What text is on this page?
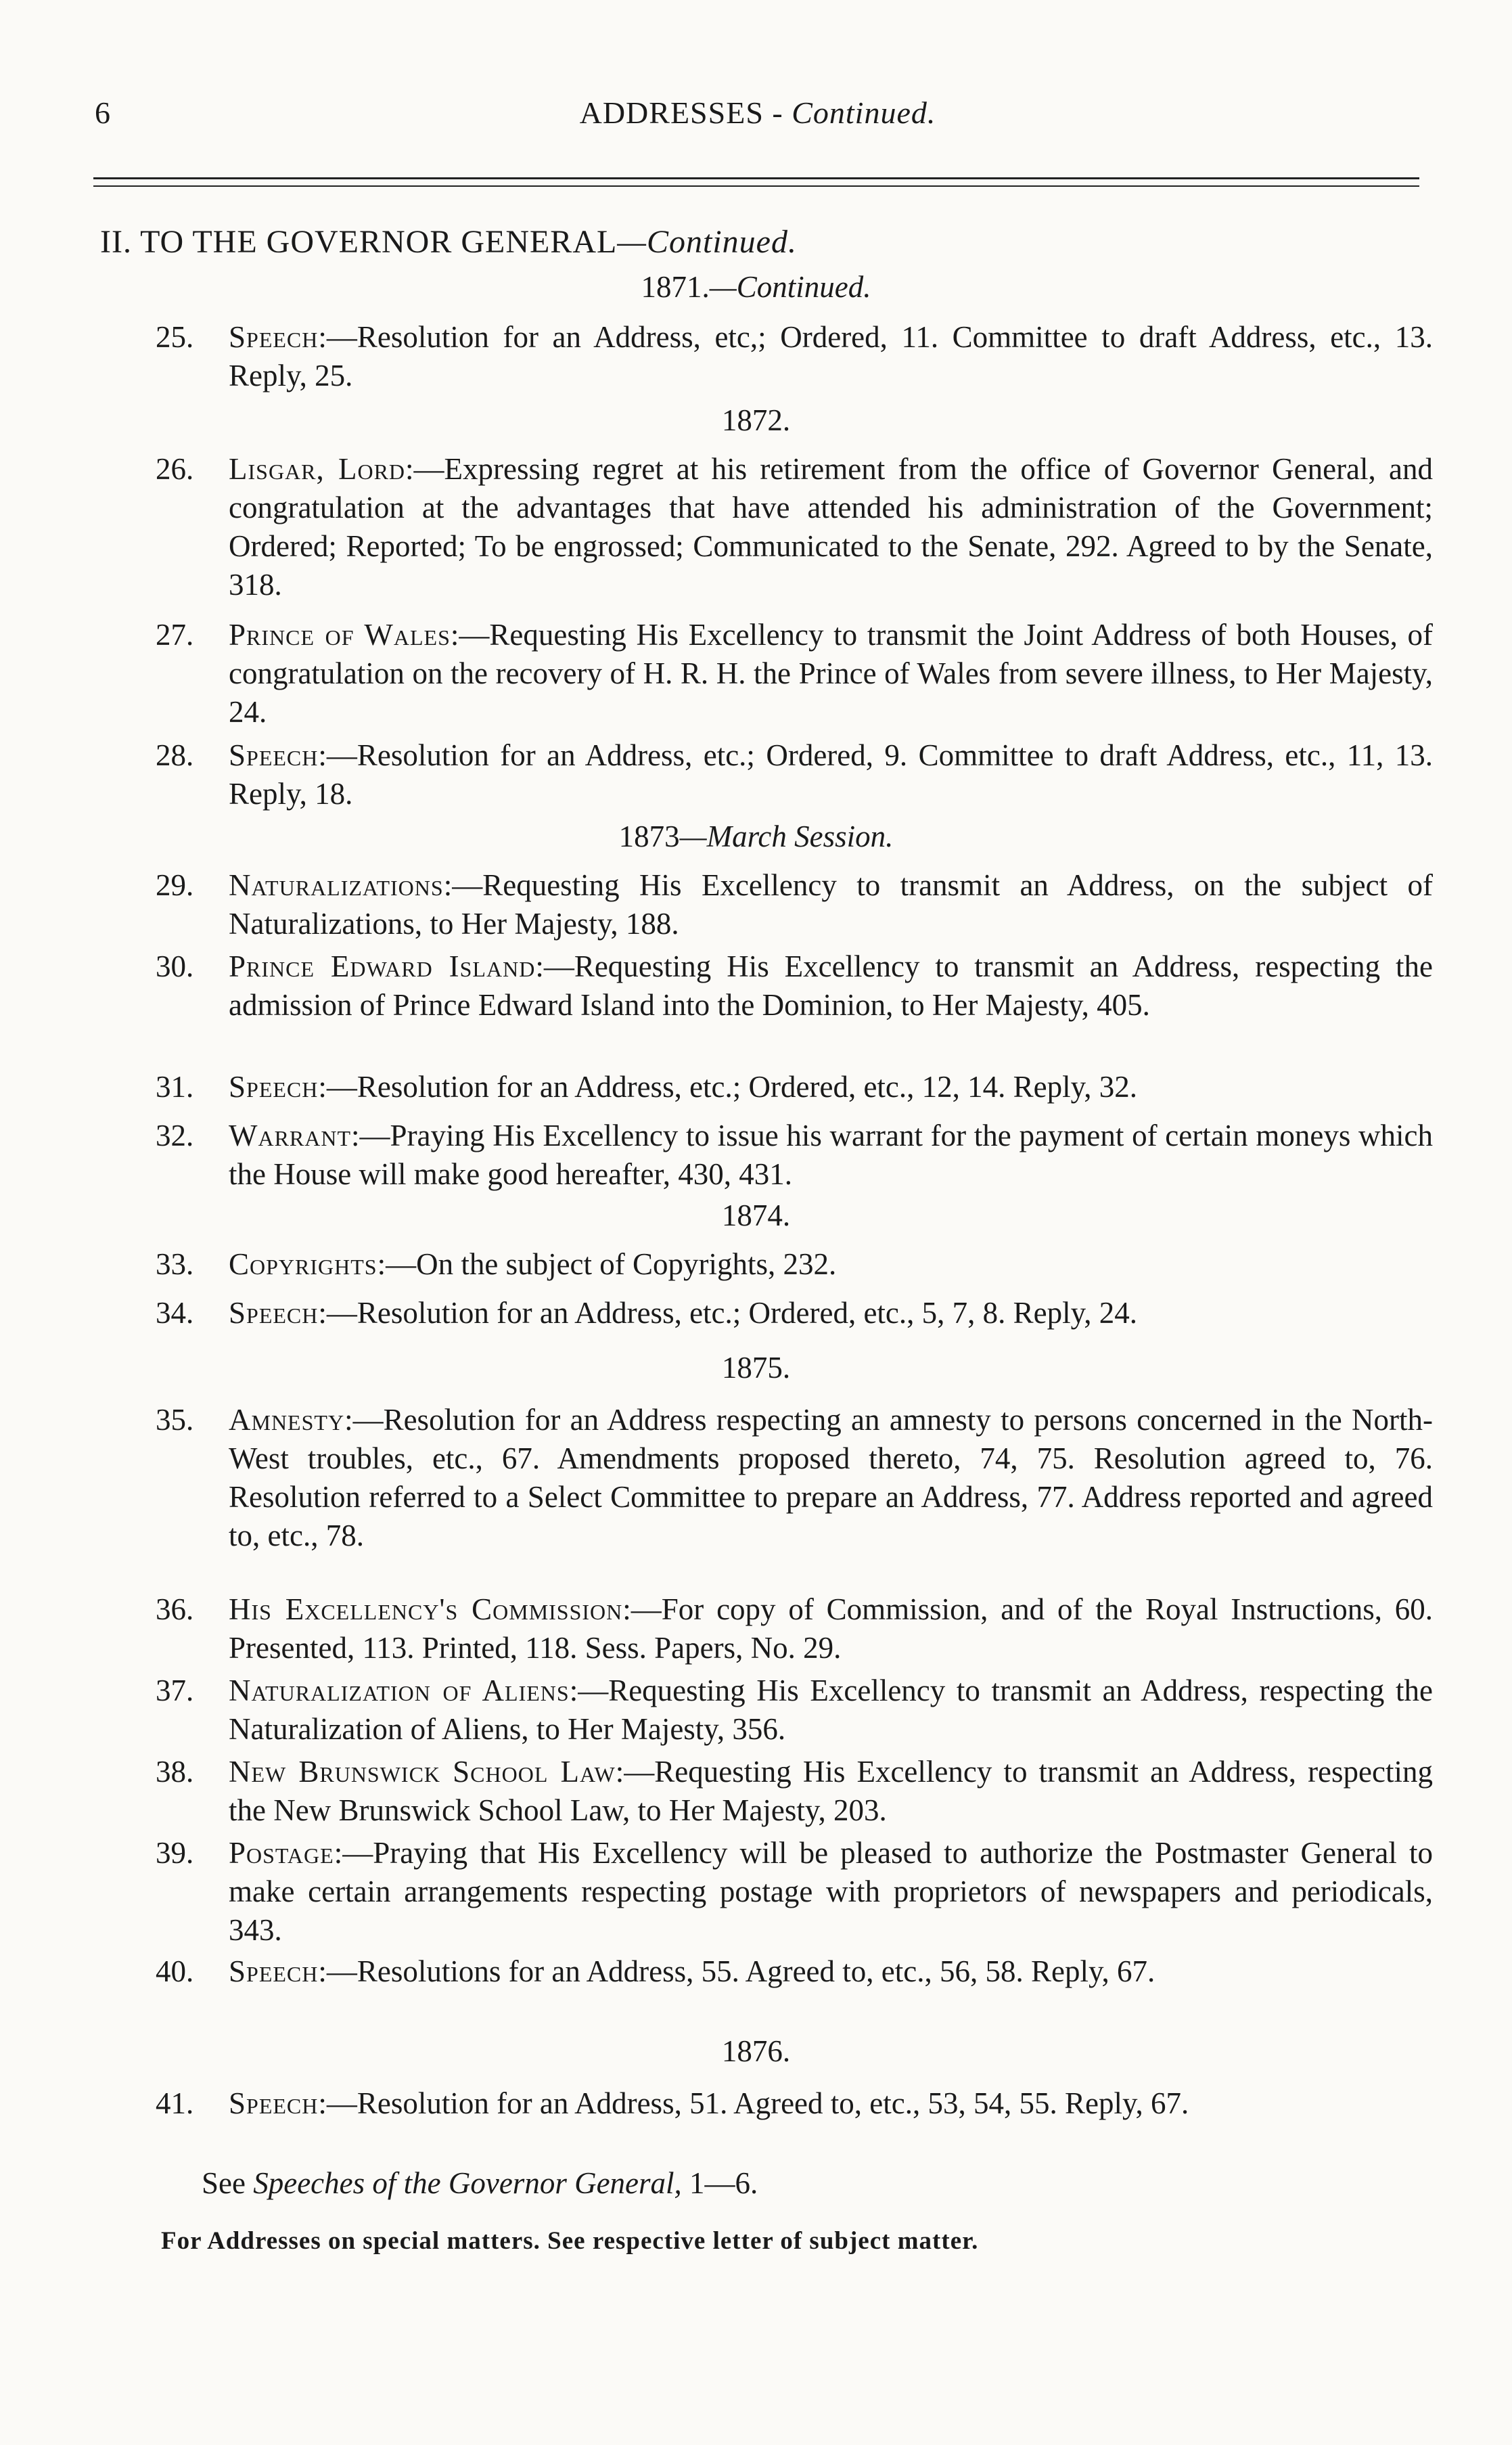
6	ADDRESSES - Continued.
II. TO THE GOVERNOR GENERAL—Continued.
1871.—Continued.
25. Speech:—Resolution for an Address, etc,; Ordered, 11. Committee to draft Address, etc., 13. Reply, 25.
1872.
26. Lisgar, Lord:—Expressing regret at his retirement from the office of Governor General, and congratulation at the advantages that have attended his administration of the Government; Ordered; Reported; To be engrossed; Communicated to the Senate, 292. Agreed to by the Senate, 318.
27. Prince of Wales:—Requesting His Excellency to transmit the Joint Address of both Houses, of congratulation on the recovery of H. R. H. the Prince of Wales from severe illness, to Her Majesty, 24.
28. Speech:—Resolution for an Address, etc.; Ordered, 9. Committee to draft Address, etc., 11, 13. Reply, 18.
1873—March Session.
29. Naturalizations:—Requesting His Excellency to transmit an Address, on the subject of Naturalizations, to Her Majesty, 188.
30. Prince Edward Island:—Requesting His Excellency to transmit an Address, respecting the admission of Prince Edward Island into the Dominion, to Her Majesty, 405.
31. Speech:—Resolution for an Address, etc.; Ordered, etc., 12, 14. Reply, 32.
32. Warrant:—Praying His Excellency to issue his warrant for the payment of certain moneys which the House will make good hereafter, 430, 431.
1874.
33. Copyrights:—On the subject of Copyrights, 232.
34. Speech:—Resolution for an Address, etc.; Ordered, etc., 5, 7, 8. Reply, 24.
1875.
35. Amnesty:—Resolution for an Address respecting an amnesty to persons concerned in the North-West troubles, etc., 67. Amendments proposed thereto, 74, 75. Resolution agreed to, 76. Resolution referred to a Select Committee to prepare an Address, 77. Address reported and agreed to, etc., 78.
36. His Excellency's Commission:—For copy of Commission, and of the Royal Instructions, 60. Presented, 113. Printed, 118. Sess. Papers, No. 29.
37. Naturalization of Aliens:—Requesting His Excellency to transmit an Address, respecting the Naturalization of Aliens, to Her Majesty, 356.
38. New Brunswick School Law:—Requesting His Excellency to transmit an Address, respecting the New Brunswick School Law, to Her Majesty, 203.
39. Postage:—Praying that His Excellency will be pleased to authorize the Postmaster General to make certain arrangements respecting postage with proprietors of newspapers and periodicals, 343.
40. Speech:—Resolutions for an Address, 55. Agreed to, etc., 56, 58. Reply, 67.
1876.
41. Speech:—Resolution for an Address, 51. Agreed to, etc., 53, 54, 55. Reply, 67.
See Speeches of the Governor General, 1—6.
For Addresses on special matters. See respective letter of subject matter.
